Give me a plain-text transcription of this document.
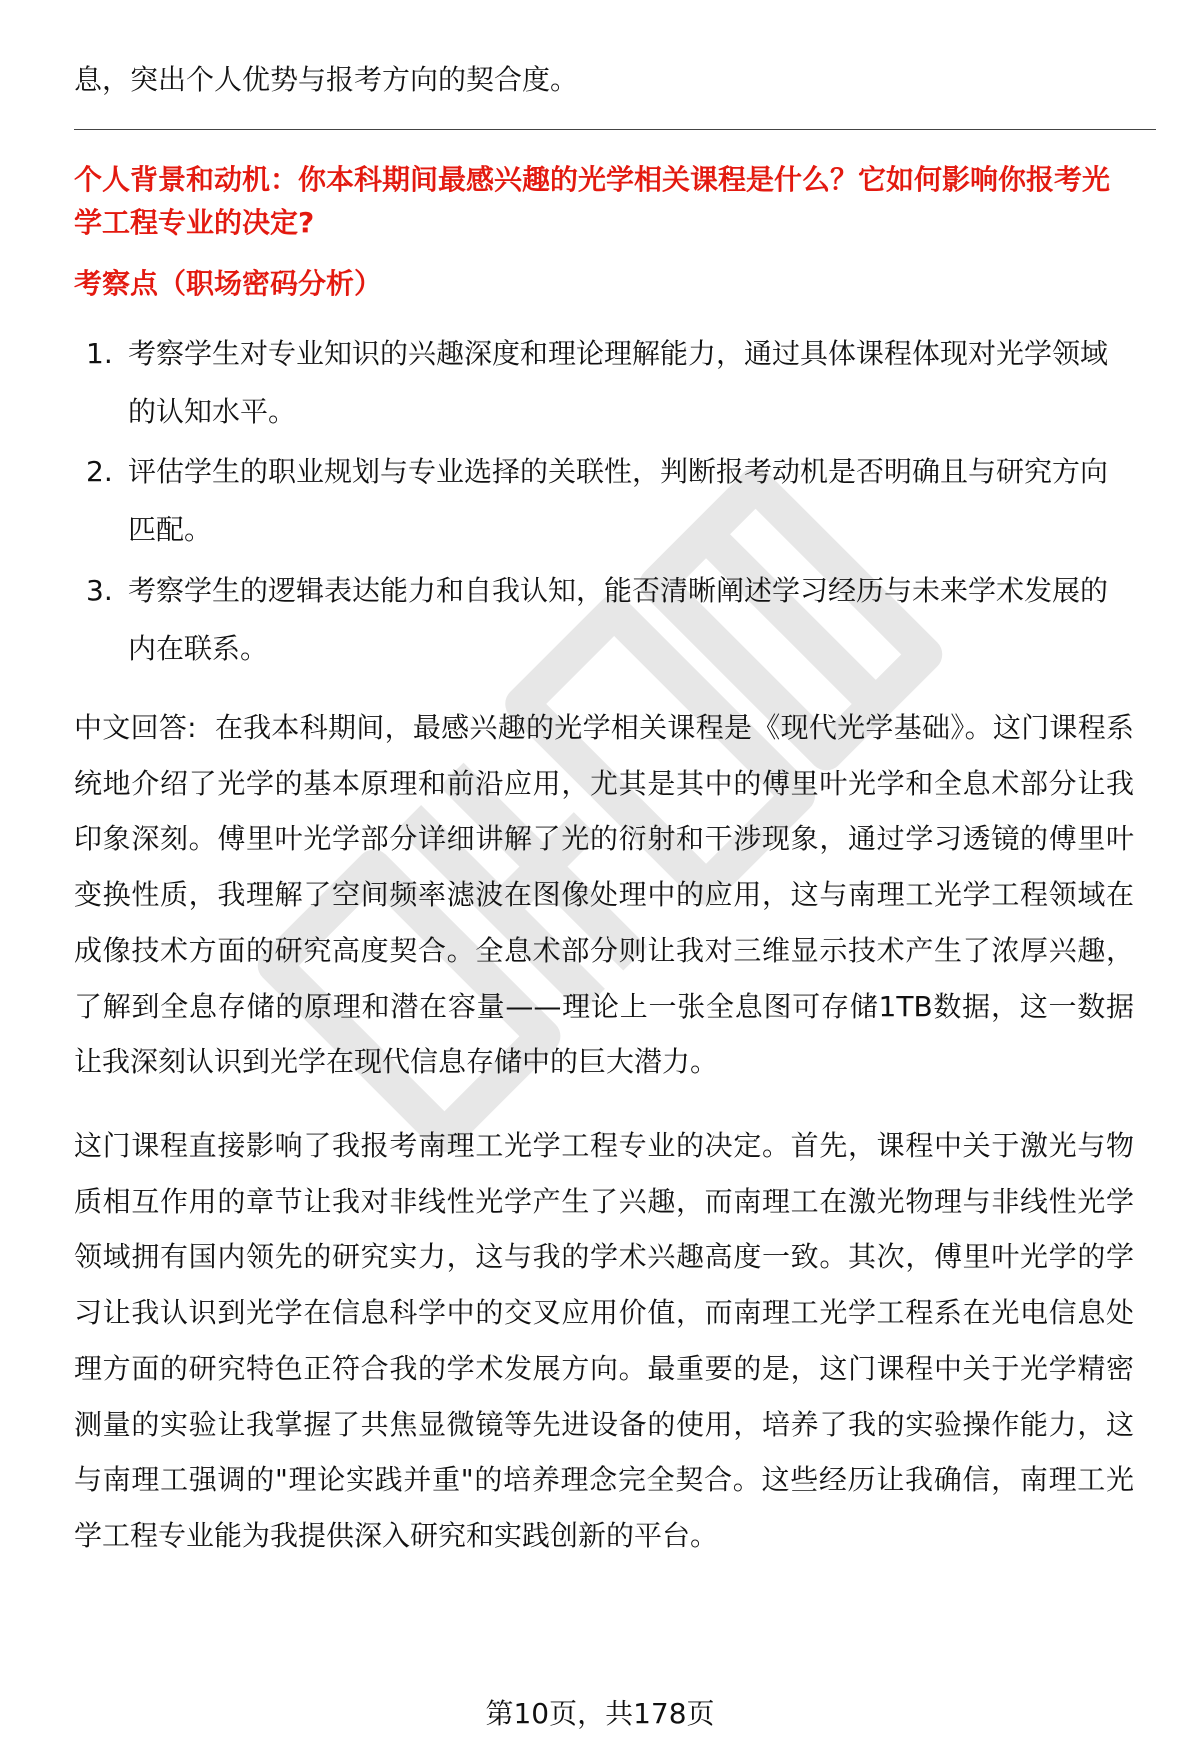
息，突出个人优势与报考方向的契合度。

个人背景和动机：你本科期间最感兴趣的光学相关课程是什么？它如何影响你报考光学工程专业的决定?
考察点（职场密码分析）
1. 考察学生对专业知识的兴趣深度和理论理解能力，通过具体课程体现对光学领域的认知水平。
2. 评估学生的职业规划与专业选择的关联性，判断报考动机是否明确且与研究方向匹配。
3. 考察学生的逻辑表达能力和自我认知，能否清晰阐述学习经历与未来学术发展的内在联系。

中文回答: 在我本科期间，最感兴趣的光学相关课程是《现代光学基础》。这门课程系统地介绍了光学的基本原理和前沿应用，尤其是其中的傅里叶光学和全息术部分让我印象深刻。傅里叶光学部分详细讲解了光的衍射和干涉现象，通过学习透镜的傅里叶变换性质，我理解了空间频率滤波在图像处理中的应用，这与南理工光学工程领域在成像技术方面的研究高度契合。全息术部分则让我对三维显示技术产生了浓厚兴趣，了解到全息存储的原理和潜在容量——理论上一张全息图可存储1TB数据，这一数据让我深刻认识到光学在现代信息存储中的巨大潜力。

这门课程直接影响了我报考南理工光学工程专业的决定。首先，课程中关于激光与物质相互作用的章节让我对非线性光学产生了兴趣，而南理工在激光物理与非线性光学领域拥有国内领先的研究实力，这与我的学术兴趣高度一致。其次，傅里叶光学的学习让我认识到光学在信息科学中的交叉应用价值，而南理工光学工程系在光电信息处理方面的研究特色正符合我的学术发展方向。最重要的是，这门课程中关于光学精密测量的实验让我掌握了共焦显微镜等先进设备的使用，培养了我的实验操作能力，这与南理工强调的"理论实践并重"的培养理念完全契合。这些经历让我确信，南理工光学工程专业能为我提供深入研究和实践创新的平台。

第10页，共178页
